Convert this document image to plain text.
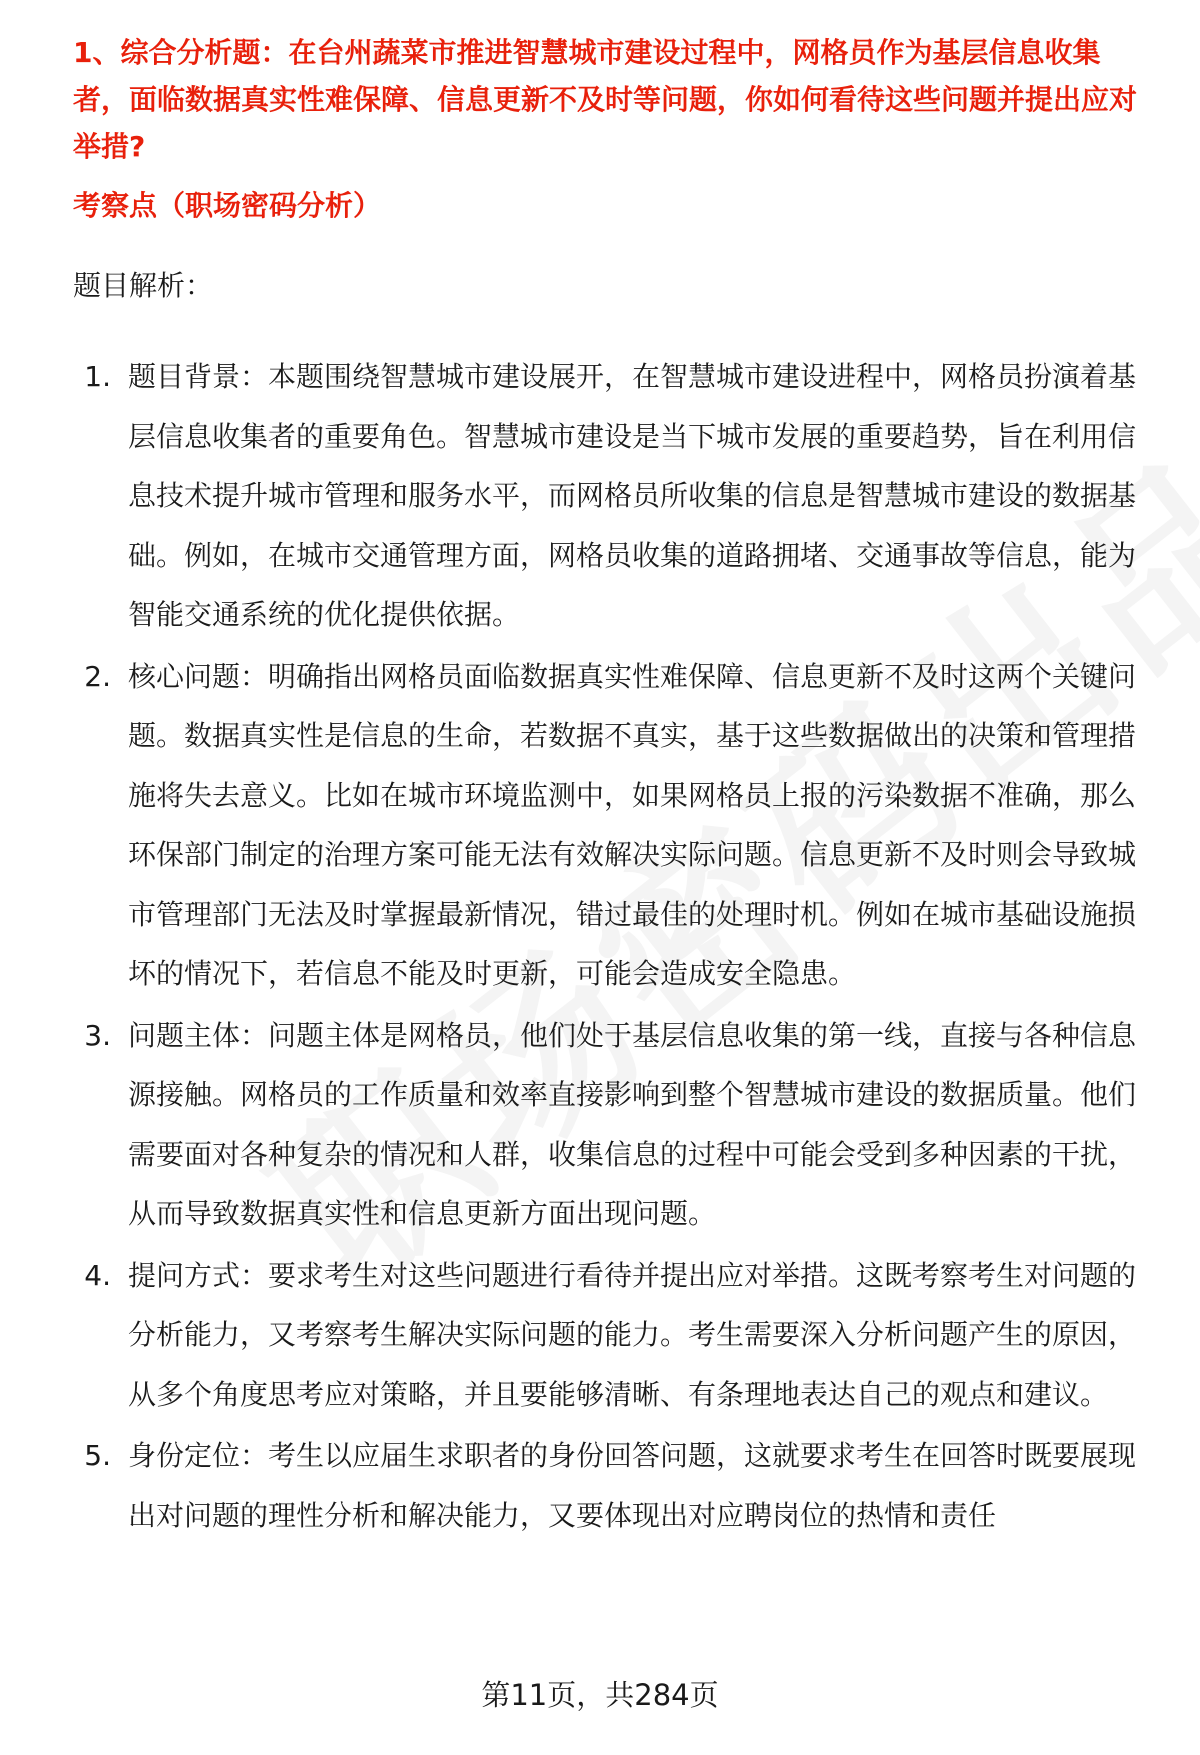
1、综合分析题：在台州蔬菜市推进智慧城市建设过程中，网格员作为基层信息收集者，面临数据真实性难保障、信息更新不及时等问题，你如何看待这些问题并提出应对举措?
考察点（职场密码分析）
题目解析：
1. 题目背景：本题围绕智慧城市建设展开，在智慧城市建设进程中，网格员扮演着基层信息收集者的重要角色。智慧城市建设是当下城市发展的重要趋势，旨在利用信息技术提升城市管理和服务水平，而网格员所收集的信息是智慧城市建设的数据基础。例如，在城市交通管理方面，网格员收集的道路拥堵、交通事故等信息，能为智能交通系统的优化提供依据。
2. 核心问题：明确指出网格员面临数据真实性难保障、信息更新不及时这两个关键问题。数据真实性是信息的生命，若数据不真实，基于这些数据做出的决策和管理措施将失去意义。比如在城市环境监测中，如果网格员上报的污染数据不准确，那么环保部门制定的治理方案可能无法有效解决实际问题。信息更新不及时则会导致城市管理部门无法及时掌握最新情况，错过最佳的处理时机。例如在城市基础设施损坏的情况下，若信息不能及时更新，可能会造成安全隐患。
3. 问题主体：问题主体是网格员，他们处于基层信息收集的第一线，直接与各种信息源接触。网格员的工作质量和效率直接影响到整个智慧城市建设的数据质量。他们需要面对各种复杂的情况和人群，收集信息的过程中可能会受到多种因素的干扰，从而导致数据真实性和信息更新方面出现问题。
4. 提问方式：要求考生对这些问题进行看待并提出应对举措。这既考察考生对问题的分析能力，又考察考生解决实际问题的能力。考生需要深入分析问题产生的原因，从多个角度思考应对策略，并且要能够清晰、有条理地表达自己的观点和建议。
5. 身份定位：考生以应届生求职者的身份回答问题，这就要求考生在回答时既要展现出对问题的理性分析和解决能力，又要体现出对应聘岗位的热情和责任
第11页，共284页
